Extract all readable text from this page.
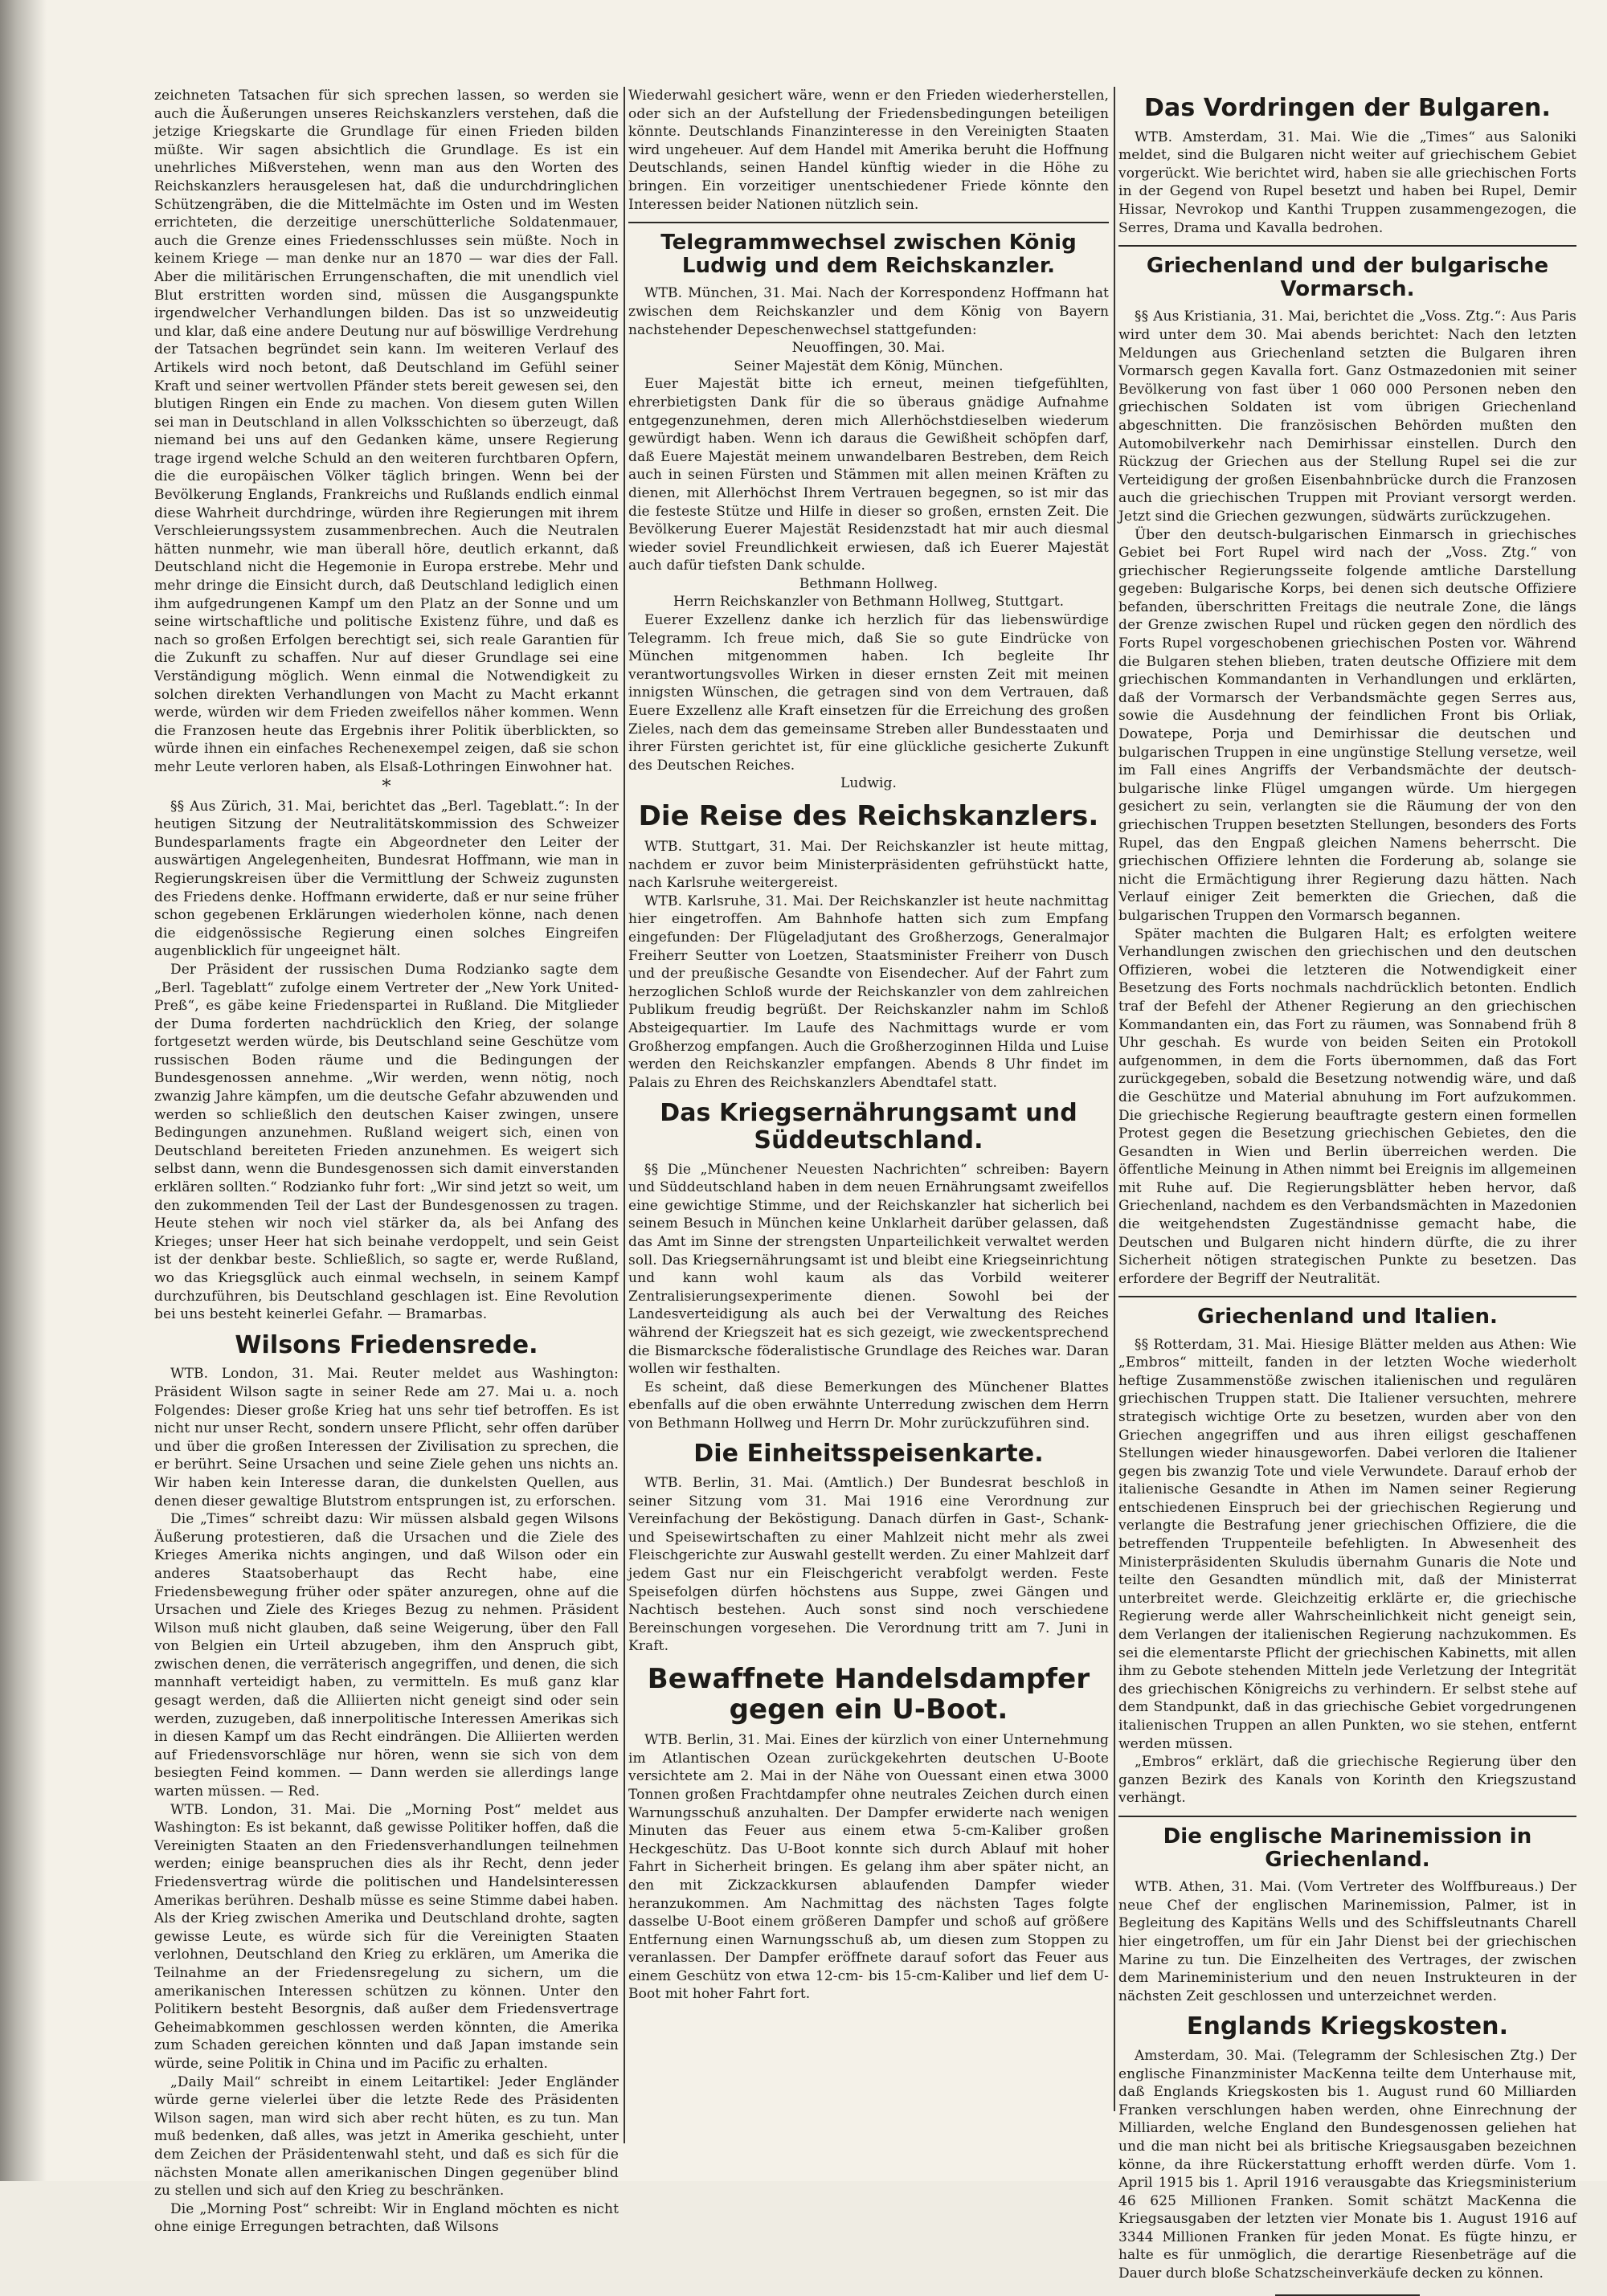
zeichneten Tatsachen für sich sprechen lassen, so werden sie auch die Äußerungen unseres Reichskanzlers verstehen, daß die jetzige Kriegskarte die Grundlage für einen Frieden bilden müßte. Wir sagen absichtlich die Grundlage. Es ist ein unehrliches Mißverstehen, wenn man aus den Worten des Reichskanzlers herausgelesen hat, daß die undurchdringlichen Schützengräben, die die Mittelmächte im Osten und im Westen errichteten, die derzeitige unerschütterliche Soldatenmauer, auch die Grenze eines Friedensschlusses sein müßte. Noch in keinem Kriege — man denke nur an 1870 — war dies der Fall. Aber die militärischen Errungenschaften, die mit unendlich viel Blut erstritten worden sind, müssen die Ausgangspunkte irgendwelcher Verhandlungen bilden. Das ist so unzweideutig und klar, daß eine andere Deutung nur auf böswillige Verdrehung der Tatsachen begründet sein kann. Im weiteren Verlauf des Artikels wird noch betont, daß Deutschland im Gefühl seiner Kraft und seiner wertvollen Pfänder stets bereit gewesen sei, den blutigen Ringen ein Ende zu machen. Von diesem guten Willen sei man in Deutschland in allen Volksschichten so überzeugt, daß niemand bei uns auf den Gedanken käme, unsere Regierung trage irgend welche Schuld an den weiteren furchtbaren Opfern, die die europäischen Völker täglich bringen. Wenn bei der Bevölkerung Englands, Frankreichs und Rußlands endlich einmal diese Wahrheit durchdringe, würden ihre Regierungen mit ihrem Verschleierungssystem zusammenbrechen. Auch die Neutralen hätten nunmehr, wie man überall höre, deutlich erkannt, daß Deutschland nicht die Hegemonie in Europa erstrebe. Mehr und mehr dringe die Einsicht durch, daß Deutschland lediglich einen ihm aufgedrungenen Kampf um den Platz an der Sonne und um seine wirtschaftliche und politische Existenz führe, und daß es nach so großen Erfolgen berechtigt sei, sich reale Garantien für die Zukunft zu schaffen. Nur auf dieser Grundlage sei eine Verständigung möglich. Wenn einmal die Notwendigkeit zu solchen direkten Verhandlungen von Macht zu Macht erkannt werde, würden wir dem Frieden zweifellos näher kommen. Wenn die Franzosen heute das Ergebnis ihrer Politik überblickten, so würde ihnen ein einfaches Rechenexempel zeigen, daß sie schon mehr Leute verloren haben, als Elsaß-Lothringen Einwohner hat.

*

§§ Aus Zürich, 31. Mai, berichtet das „Berl. Tageblatt.“: In der heutigen Sitzung der Neutralitätskommission des Schweizer Bundesparlaments fragte ein Abgeordneter den Leiter der auswärtigen Angelegenheiten, Bundesrat Hoffmann, wie man in Regierungskreisen über die Vermittlung der Schweiz zugunsten des Friedens denke. Hoffmann erwiderte, daß er nur seine früher schon gegebenen Erklärungen wiederholen könne, nach denen die eidgenössische Regierung einen solches Eingreifen augenblicklich für ungeeignet hält.

Der Präsident der russischen Duma Rodzianko sagte dem „Berl. Tageblatt“ zufolge einem Vertreter der „New York United-Preß“, es gäbe keine Friedenspartei in Rußland. Die Mitglieder der Duma forderten nachdrücklich den Krieg, der solange fortgesetzt werden würde, bis Deutschland seine Geschütze vom russischen Boden räume und die Bedingungen der Bundesgenossen annehme. „Wir werden, wenn nötig, noch zwanzig Jahre kämpfen, um die deutsche Gefahr abzuwenden und werden so schließlich den deutschen Kaiser zwingen, unsere Bedingungen anzunehmen. Rußland weigert sich, einen von Deutschland bereiteten Frieden anzunehmen. Es weigert sich selbst dann, wenn die Bundesgenossen sich damit einverstanden erklären sollten.“ Rodzianko fuhr fort: „Wir sind jetzt so weit, um den zukommenden Teil der Last der Bundesgenossen zu tragen. Heute stehen wir noch viel stärker da, als bei Anfang des Krieges; unser Heer hat sich beinahe verdoppelt, und sein Geist ist der denkbar beste. Schließlich, so sagte er, werde Rußland, wo das Kriegsglück auch einmal wechseln, in seinem Kampf durchzuführen, bis Deutschland geschlagen ist. Eine Revolution bei uns besteht keinerlei Gefahr. — Bramarbas.

Wilsons Friedensrede.

WTB. London, 31. Mai. Reuter meldet aus Washington: Präsident Wilson sagte in seiner Rede am 27. Mai u. a. noch Folgendes: Dieser große Krieg hat uns sehr tief betroffen. Es ist nicht nur unser Recht, sondern unsere Pflicht, sehr offen darüber und über die großen Interessen der Zivilisation zu sprechen, die er berührt. Seine Ursachen und seine Ziele gehen uns nichts an. Wir haben kein Interesse daran, die dunkelsten Quellen, aus denen dieser gewaltige Blutstrom entsprungen ist, zu erforschen.

Die „Times“ schreibt dazu: Wir müssen alsbald gegen Wilsons Äußerung protestieren, daß die Ursachen und die Ziele des Krieges Amerika nichts angingen, und daß Wilson oder ein anderes Staatsoberhaupt das Recht habe, eine Friedensbewegung früher oder später anzuregen, ohne auf die Ursachen und Ziele des Krieges Bezug zu nehmen. Präsident Wilson muß nicht glauben, daß seine Weigerung, über den Fall von Belgien ein Urteil abzugeben, ihm den Anspruch gibt, zwischen denen, die verräterisch angegriffen, und denen, die sich mannhaft verteidigt haben, zu vermitteln. Es muß ganz klar gesagt werden, daß die Alliierten nicht geneigt sind oder sein werden, zuzugeben, daß innerpolitische Interessen Amerikas sich in diesen Kampf um das Recht eindrängen. Die Alliierten werden auf Friedensvorschläge nur hören, wenn sie sich von dem besiegten Feind kommen. — Dann werden sie allerdings lange warten müssen. — Red.

WTB. London, 31. Mai. Die „Morning Post“ meldet aus Washington: Es ist bekannt, daß gewisse Politiker hoffen, daß die Vereinigten Staaten an den Friedensverhandlungen teilnehmen werden; einige beanspruchen dies als ihr Recht, denn jeder Friedensvertrag würde die politischen und Handelsinteressen Amerikas berühren. Deshalb müsse es seine Stimme dabei haben. Als der Krieg zwischen Amerika und Deutschland drohte, sagten gewisse Leute, es würde sich für die Vereinigten Staaten verlohnen, Deutschland den Krieg zu erklären, um Amerika die Teilnahme an der Friedensregelung zu sichern, um die amerikanischen Interessen schützen zu können. Unter den Politikern besteht Besorgnis, daß außer dem Friedensvertrage Geheimabkommen geschlossen werden könnten, die Amerika zum Schaden gereichen könnten und daß Japan imstande sein würde, seine Politik in China und im Pacific zu erhalten.

„Daily Mail“ schreibt in einem Leitartikel: Jeder Engländer würde gerne vielerlei über die letzte Rede des Präsidenten Wilson sagen, man wird sich aber recht hüten, es zu tun. Man muß bedenken, daß alles, was jetzt in Amerika geschieht, unter dem Zeichen der Präsidentenwahl steht, und daß es sich für die nächsten Monate allen amerikanischen Dingen gegenüber blind zu stellen und sich auf den Krieg zu beschränken.

Die „Morning Post“ schreibt: Wir in England möchten es nicht ohne einige Erregungen betrachten, daß Wilsons

Wiederwahl gesichert wäre, wenn er den Frieden wiederherstellen, oder sich an der Aufstellung der Friedensbedingungen beteiligen könnte. Deutschlands Finanzinteresse in den Vereinigten Staaten wird ungeheuer. Auf dem Handel mit Amerika beruht die Hoffnung Deutschlands, seinen Handel künftig wieder in die Höhe zu bringen. Ein vorzeitiger unentschiedener Friede könnte den Interessen beider Nationen nützlich sein.

Telegrammwechsel zwischen König Ludwig und dem Reichskanzler.

WTB. München, 31. Mai. Nach der Korrespondenz Hoffmann hat zwischen dem Reichskanzler und dem König von Bayern nachstehender Depeschenwechsel stattgefunden:

Neuoffingen, 30. Mai.

Seiner Majestät dem König, München.

Euer Majestät bitte ich erneut, meinen tiefgefühlten, ehrerbietigsten Dank für die so überaus gnädige Aufnahme entgegenzunehmen, deren mich Allerhöchstdieselben wiederum gewürdigt haben. Wenn ich daraus die Gewißheit schöpfen darf, daß Euere Majestät meinem unwandelbaren Bestreben, dem Reich auch in seinen Fürsten und Stämmen mit allen meinen Kräften zu dienen, mit Allerhöchst Ihrem Vertrauen begegnen, so ist mir das die festeste Stütze und Hilfe in dieser so großen, ernsten Zeit. Die Bevölkerung Euerer Majestät Residenzstadt hat mir auch diesmal wieder soviel Freundlichkeit erwiesen, daß ich Euerer Majestät auch dafür tiefsten Dank schulde.

Bethmann Hollweg.

Herrn Reichskanzler von Bethmann Hollweg, Stuttgart.

Euerer Exzellenz danke ich herzlich für das liebenswürdige Telegramm. Ich freue mich, daß Sie so gute Eindrücke von München mitgenommen haben. Ich begleite Ihr verantwortungsvolles Wirken in dieser ernsten Zeit mit meinen innigsten Wünschen, die getragen sind von dem Vertrauen, daß Euere Exzellenz alle Kraft einsetzen für die Erreichung des großen Zieles, nach dem das gemeinsame Streben aller Bundesstaaten und ihrer Fürsten gerichtet ist, für eine glückliche gesicherte Zukunft des Deutschen Reiches.

Ludwig.

Die Reise des Reichskanzlers.

WTB. Stuttgart, 31. Mai. Der Reichskanzler ist heute mittag, nachdem er zuvor beim Ministerpräsidenten gefrühstückt hatte, nach Karlsruhe weitergereist.

WTB. Karlsruhe, 31. Mai. Der Reichskanzler ist heute nachmittag hier eingetroffen. Am Bahnhofe hatten sich zum Empfang eingefunden: Der Flügeladjutant des Großherzogs, Generalmajor Freiherr Seutter von Loetzen, Staatsminister Freiherr von Dusch und der preußische Gesandte von Eisendecher. Auf der Fahrt zum herzoglichen Schloß wurde der Reichskanzler von dem zahlreichen Publikum freudig begrüßt. Der Reichskanzler nahm im Schloß Absteigequartier. Im Laufe des Nachmittags wurde er vom Großherzog empfangen. Auch die Großherzoginnen Hilda und Luise werden den Reichskanzler empfangen. Abends 8 Uhr findet im Palais zu Ehren des Reichskanzlers Abendtafel statt.

Das Kriegsernährungsamt und Süddeutschland.

§§ Die „Münchener Neuesten Nachrichten“ schreiben: Bayern und Süddeutschland haben in dem neuen Ernährungsamt zweifellos eine gewichtige Stimme, und der Reichskanzler hat sicherlich bei seinem Besuch in München keine Unklarheit darüber gelassen, daß das Amt im Sinne der strengsten Unparteilichkeit verwaltet werden soll. Das Kriegsernährungsamt ist und bleibt eine Kriegseinrichtung und kann wohl kaum als das Vorbild weiterer Zentralisierungsexperimente dienen. Sowohl bei der Landesverteidigung als auch bei der Verwaltung des Reiches während der Kriegszeit hat es sich gezeigt, wie zweckentsprechend die Bismarcksche föderalistische Grundlage des Reiches war. Daran wollen wir festhalten.

Es scheint, daß diese Bemerkungen des Münchener Blattes ebenfalls auf die oben erwähnte Unterredung zwischen dem Herrn von Bethmann Hollweg und Herrn Dr. Mohr zurückzuführen sind.

Die Einheitsspeisenkarte.

WTB. Berlin, 31. Mai. (Amtlich.) Der Bundesrat beschloß in seiner Sitzung vom 31. Mai 1916 eine Verordnung zur Vereinfachung der Beköstigung. Danach dürfen in Gast-, Schank- und Speisewirtschaften zu einer Mahlzeit nicht mehr als zwei Fleischgerichte zur Auswahl gestellt werden. Zu einer Mahlzeit darf jedem Gast nur ein Fleischgericht verabfolgt werden. Feste Speisefolgen dürfen höchstens aus Suppe, zwei Gängen und Nachtisch bestehen. Auch sonst sind noch verschiedene Bereinschungen vorgesehen. Die Verordnung tritt am 7. Juni in Kraft.

Bewaffnete Handelsdampfer gegen ein U-Boot.

WTB. Berlin, 31. Mai. Eines der kürzlich von einer Unternehmung im Atlantischen Ozean zurückgekehrten deutschen U-Boote versichtete am 2. Mai in der Nähe von Ouessant einen etwa 3000 Tonnen großen Frachtdampfer ohne neutrales Zeichen durch einen Warnungsschuß anzuhalten. Der Dampfer erwiderte nach wenigen Minuten das Feuer aus einem etwa 5-cm-Kaliber großen Heckgeschütz. Das U-Boot konnte sich durch Ablauf mit hoher Fahrt in Sicherheit bringen. Es gelang ihm aber später nicht, an den mit Zickzackkursen ablaufenden Dampfer wieder heranzukommen. Am Nachmittag des nächsten Tages folgte dasselbe U-Boot einem größeren Dampfer und schoß auf größere Entfernung einen Warnungsschuß ab, um diesen zum Stoppen zu veranlassen. Der Dampfer eröffnete darauf sofort das Feuer aus einem Geschütz von etwa 12-cm- bis 15-cm-Kaliber und lief dem U-Boot mit hoher Fahrt fort.

Das Vordringen der Bulgaren.

WTB. Amsterdam, 31. Mai. Wie die „Times“ aus Saloniki meldet, sind die Bulgaren nicht weiter auf griechischem Gebiet vorgerückt. Wie berichtet wird, haben sie alle griechischen Forts in der Gegend von Rupel besetzt und haben bei Rupel, Demir Hissar, Nevrokop und Kanthi Truppen zusammengezogen, die Serres, Drama und Kavalla bedrohen.

Griechenland und der bulgarische Vormarsch.

§§ Aus Kristiania, 31. Mai, berichtet die „Voss. Ztg.“: Aus Paris wird unter dem 30. Mai abends berichtet: Nach den letzten Meldungen aus Griechenland setzten die Bulgaren ihren Vormarsch gegen Kavalla fort. Ganz Ostmazedonien mit seiner Bevölkerung von fast über 1 060 000 Personen neben den griechischen Soldaten ist vom übrigen Griechenland abgeschnitten. Die französischen Behörden mußten den Automobilverkehr nach Demirhissar einstellen. Durch den Rückzug der Griechen aus der Stellung Rupel sei die zur Verteidigung der großen Eisenbahnbrücke durch die Franzosen auch die griechischen Truppen mit Proviant versorgt werden. Jetzt sind die Griechen gezwungen, südwärts zurückzugehen.

Über den deutsch-bulgarischen Einmarsch in griechisches Gebiet bei Fort Rupel wird nach der „Voss. Ztg.“ von griechischer Regierungsseite folgende amtliche Darstellung gegeben: Bulgarische Korps, bei denen sich deutsche Offiziere befanden, überschritten Freitags die neutrale Zone, die längs der Grenze zwischen Rupel und rücken gegen den nördlich des Forts Rupel vorgeschobenen griechischen Posten vor. Während die Bulgaren stehen blieben, traten deutsche Offiziere mit dem griechischen Kommandanten in Verhandlungen und erklärten, daß der Vormarsch der Verbandsmächte gegen Serres aus, sowie die Ausdehnung der feindlichen Front bis Orliak, Dowatepe, Porja und Demirhissar die deutschen und bulgarischen Truppen in eine ungünstige Stellung versetze, weil im Fall eines Angriffs der Verbandsmächte der deutsch-bulgarische linke Flügel umgangen würde. Um hiergegen gesichert zu sein, verlangten sie die Räumung der von den griechischen Truppen besetzten Stellungen, besonders des Forts Rupel, das den Engpaß gleichen Namens beherrscht. Die griechischen Offiziere lehnten die Forderung ab, solange sie nicht die Ermächtigung ihrer Regierung dazu hätten. Nach Verlauf einiger Zeit bemerkten die Griechen, daß die bulgarischen Truppen den Vormarsch begannen.

Später machten die Bulgaren Halt; es erfolgten weitere Verhandlungen zwischen den griechischen und den deutschen Offizieren, wobei die letzteren die Notwendigkeit einer Besetzung des Forts nochmals nachdrücklich betonten. Endlich traf der Befehl der Athener Regierung an den griechischen Kommandanten ein, das Fort zu räumen, was Sonnabend früh 8 Uhr geschah. Es wurde von beiden Seiten ein Protokoll aufgenommen, in dem die Forts übernommen, daß das Fort zurückgegeben, sobald die Besetzung notwendig wäre, und daß die Geschütze und Material abnuhung im Fort aufzukommen. Die griechische Regierung beauftragte gestern einen formellen Protest gegen die Besetzung griechischen Gebietes, den die Gesandten in Wien und Berlin überreichen werden. Die öffentliche Meinung in Athen nimmt bei Ereignis im allgemeinen mit Ruhe auf. Die Regierungsblätter heben hervor, daß Griechenland, nachdem es den Verbandsmächten in Mazedonien die weitgehendsten Zugeständnisse gemacht habe, die Deutschen und Bulgaren nicht hindern dürfte, die zu ihrer Sicherheit nötigen strategischen Punkte zu besetzen. Das erfordere der Begriff der Neutralität.

Griechenland und Italien.

§§ Rotterdam, 31. Mai. Hiesige Blätter melden aus Athen: Wie „Embros“ mitteilt, fanden in der letzten Woche wiederholt heftige Zusammenstöße zwischen italienischen und regulären griechischen Truppen statt. Die Italiener versuchten, mehrere strategisch wichtige Orte zu besetzen, wurden aber von den Griechen angegriffen und aus ihren eiligst geschaffenen Stellungen wieder hinausgeworfen. Dabei verloren die Italiener gegen bis zwanzig Tote und viele Verwundete. Darauf erhob der italienische Gesandte in Athen im Namen seiner Regierung entschiedenen Einspruch bei der griechischen Regierung und verlangte die Bestrafung jener griechischen Offiziere, die die betreffenden Truppenteile befehligten. In Abwesenheit des Ministerpräsidenten Skuludis übernahm Gunaris die Note und teilte den Gesandten mündlich mit, daß der Ministerrat unterbreitet werde. Gleichzeitig erklärte er, die griechische Regierung werde aller Wahrscheinlichkeit nicht geneigt sein, dem Verlangen der italienischen Regierung nachzukommen. Es sei die elementarste Pflicht der griechischen Kabinetts, mit allen ihm zu Gebote stehenden Mitteln jede Verletzung der Integrität des griechischen Königreichs zu verhindern. Er selbst stehe auf dem Standpunkt, daß in das griechische Gebiet vorgedrungenen italienischen Truppen an allen Punkten, wo sie stehen, entfernt werden müssen.

„Embros“ erklärt, daß die griechische Regierung über den ganzen Bezirk des Kanals von Korinth den Kriegszustand verhängt.

Die englische Marinemission in Griechenland.

WTB. Athen, 31. Mai. (Vom Vertreter des Wolffbureaus.) Der neue Chef der englischen Marinemission, Palmer, ist in Begleitung des Kapitäns Wells und des Schiffsleutnants Charell hier eingetroffen, um für ein Jahr Dienst bei der griechischen Marine zu tun. Die Einzelheiten des Vertrages, der zwischen dem Marineministerium und den neuen Instrukteuren in der nächsten Zeit geschlossen und unterzeichnet werden.

Englands Kriegskosten.

Amsterdam, 30. Mai. (Telegramm der Schlesischen Ztg.) Der englische Finanzminister MacKenna teilte dem Unterhause mit, daß Englands Kriegskosten bis 1. August rund 60 Milliarden Franken verschlungen haben werden, ohne Einrechnung der Milliarden, welche England den Bundesgenossen geliehen hat und die man nicht bei als britische Kriegsausgaben bezeichnen könne, da ihre Rückerstattung erhofft werden dürfe. Vom 1. April 1915 bis 1. April 1916 verausgabte das Kriegsministerium 46 625 Millionen Franken. Somit schätzt MacKenna die Kriegsausgaben der letzten vier Monate bis 1. August 1916 auf 3344 Millionen Franken für jeden Monat. Es fügte hinzu, er halte es für unmöglich, die derartige Riesenbeträge auf die Dauer durch bloße Schatzscheinverkäufe decken zu können.
